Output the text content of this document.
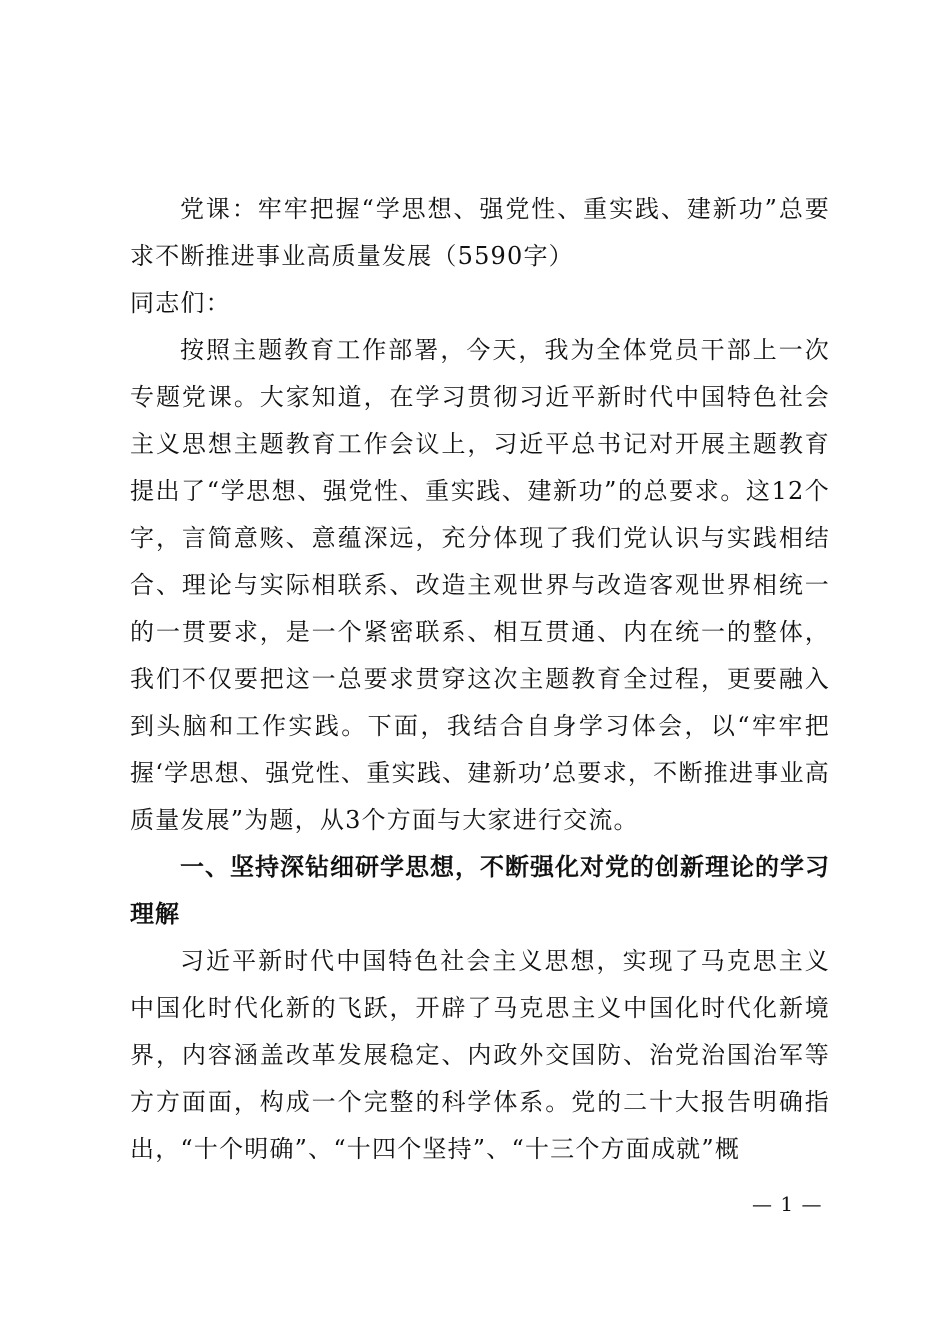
党课：牢牢把握“学思想、强党性、重实践、建新功”总要求不断推进事业高质量发展（5590字）

同志们：

按照主题教育工作部署，今天，我为全体党员干部上一次专题党课。大家知道，在学习贯彻习近平新时代中国特色社会主义思想主题教育工作会议上，习近平总书记对开展主题教育提出了“学思想、强党性、重实践、建新功”的总要求。这12个字，言简意赅、意蕴深远，充分体现了我们党认识与实践相结合、理论与实际相联系、改造主观世界与改造客观世界相统一的一贯要求，是一个紧密联系、相互贯通、内在统一的整体，我们不仅要把这一总要求贯穿这次主题教育全过程，更要融入到头脑和工作实践。下面，我结合自身学习体会，以“牢牢把握‘学思想、强党性、重实践、建新功’总要求，不断推进事业高质量发展”为题，从3个方面与大家进行交流。

一、坚持深钻细研学思想，不断强化对党的创新理论的学习理解

习近平新时代中国特色社会主义思想，实现了马克思主义中国化时代化新的飞跃，开辟了马克思主义中国化时代化新境界，内容涵盖改革发展稳定、内政外交国防、治党治国治军等方方面面，构成一个完整的科学体系。党的二十大报告明确指出，“十个明确”、“十四个坚持”、“十三个方面成就”概

— 1 —
